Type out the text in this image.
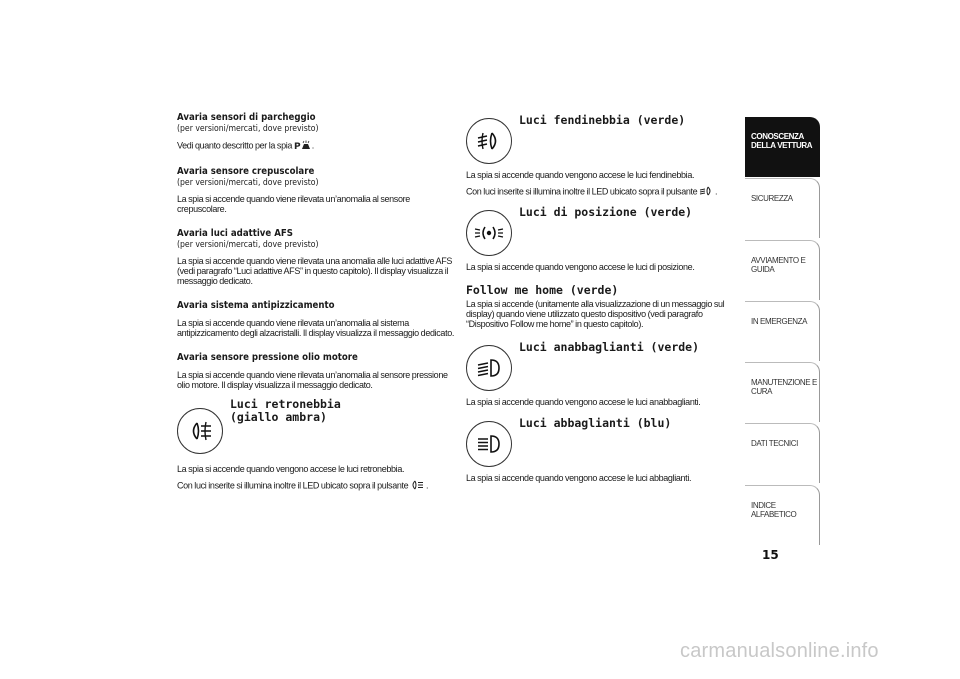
Avaria sensori di parcheggio

(per versioni/mercati, dove previsto)

Vedi quanto descritto per la spia P .

Avaria sensore crepuscolare

(per versioni/mercati, dove previsto)

La spia si accende quando viene rilevata un’anomalia al sensore crepuscolare.

Avaria luci adattive AFS

(per versioni/mercati, dove previsto)

La spia si accende quando viene rilevata una anomalia alle luci adattive AFS (vedi paragrafo “Luci adattive AFS” in questo capitolo). Il display visualizza il messaggio dedicato.

Avaria sistema antipizzicamento

La spia si accende quando viene rilevata un’anomalia al sistema antipizzicamento degli alzacristalli. Il display visualizza il messaggio dedicato.

Avaria sensore pressione olio motore

La spia si accende quando viene rilevata un’anomalia al sensore pressione olio motore. Il display visualizza il messaggio dedicato.

Luci retronebbia

(giallo ambra)

La spia si accende quando vengono accese le luci retronebbia.

Con luci inserite si illumina inoltre il LED ubicato sopra il pulsante .

Luci fendinebbia (verde)

La spia si accende quando vengono accese le luci fendinebbia.

Con luci inserite si illumina inoltre il LED ubicato sopra il pulsante .

Luci di posizione (verde)

La spia si accende quando vengono accese le luci di posizione.

Follow me home (verde)

La spia si accende (unitamente alla visualizzazione di un messaggio sul display) quando viene utilizzato questo dispositivo (vedi paragrafo “Dispositivo Follow me home” in questo capitolo).

Luci anabbaglianti (verde)

La spia si accende quando vengono accese le luci anabbaglianti.

Luci abbaglianti (blu)

La spia si accende quando vengono accese le luci abbaglianti.

CONOSCENZA DELLA VETTURA
SICUREZZA
AVVIAMENTO E GUIDA
IN EMERGENZA
MANUTENZIONE E CURA
DATI TECNICI
INDICE ALFABETICO
15
carmanualsonline.info
